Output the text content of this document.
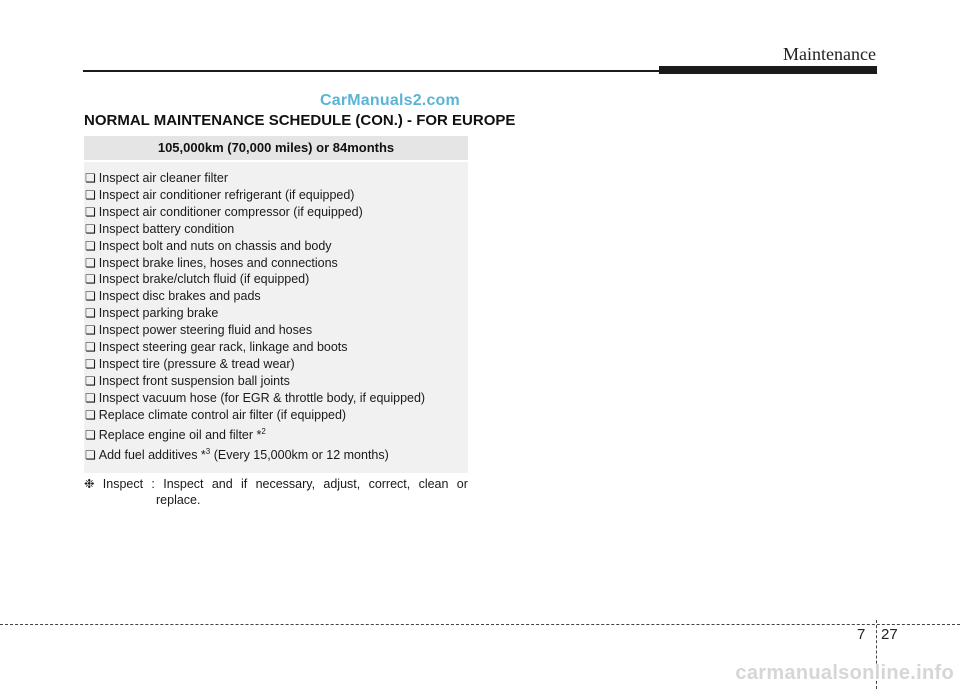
Maintenance
CarManuals2.com
NORMAL MAINTENANCE SCHEDULE (CON.) - FOR EUROPE
105,000km (70,000 miles) or 84months
❏ Inspect air cleaner filter
❏ Inspect air conditioner refrigerant (if equipped)
❏ Inspect air conditioner compressor (if equipped)
❏ Inspect battery condition
❏ Inspect bolt and nuts on chassis and body
❏ Inspect brake lines, hoses and connections
❏ Inspect brake/clutch fluid (if equipped)
❏ Inspect disc brakes and pads
❏ Inspect parking brake
❏ Inspect power steering fluid and hoses
❏ Inspect steering gear rack, linkage and boots
❏ Inspect tire (pressure & tread wear)
❏ Inspect front suspension ball joints
❏ Inspect vacuum hose (for EGR & throttle body, if equipped)
❏ Replace climate control air filter (if equipped)
❏ Replace engine oil and filter *$^2$
❏ Add fuel additives *$^3$ (Every 15,000km or 12 months)
❉ Inspect : Inspect and if necessary, adjust, correct, clean or
replace.
7 27
carmanualsonline.info
